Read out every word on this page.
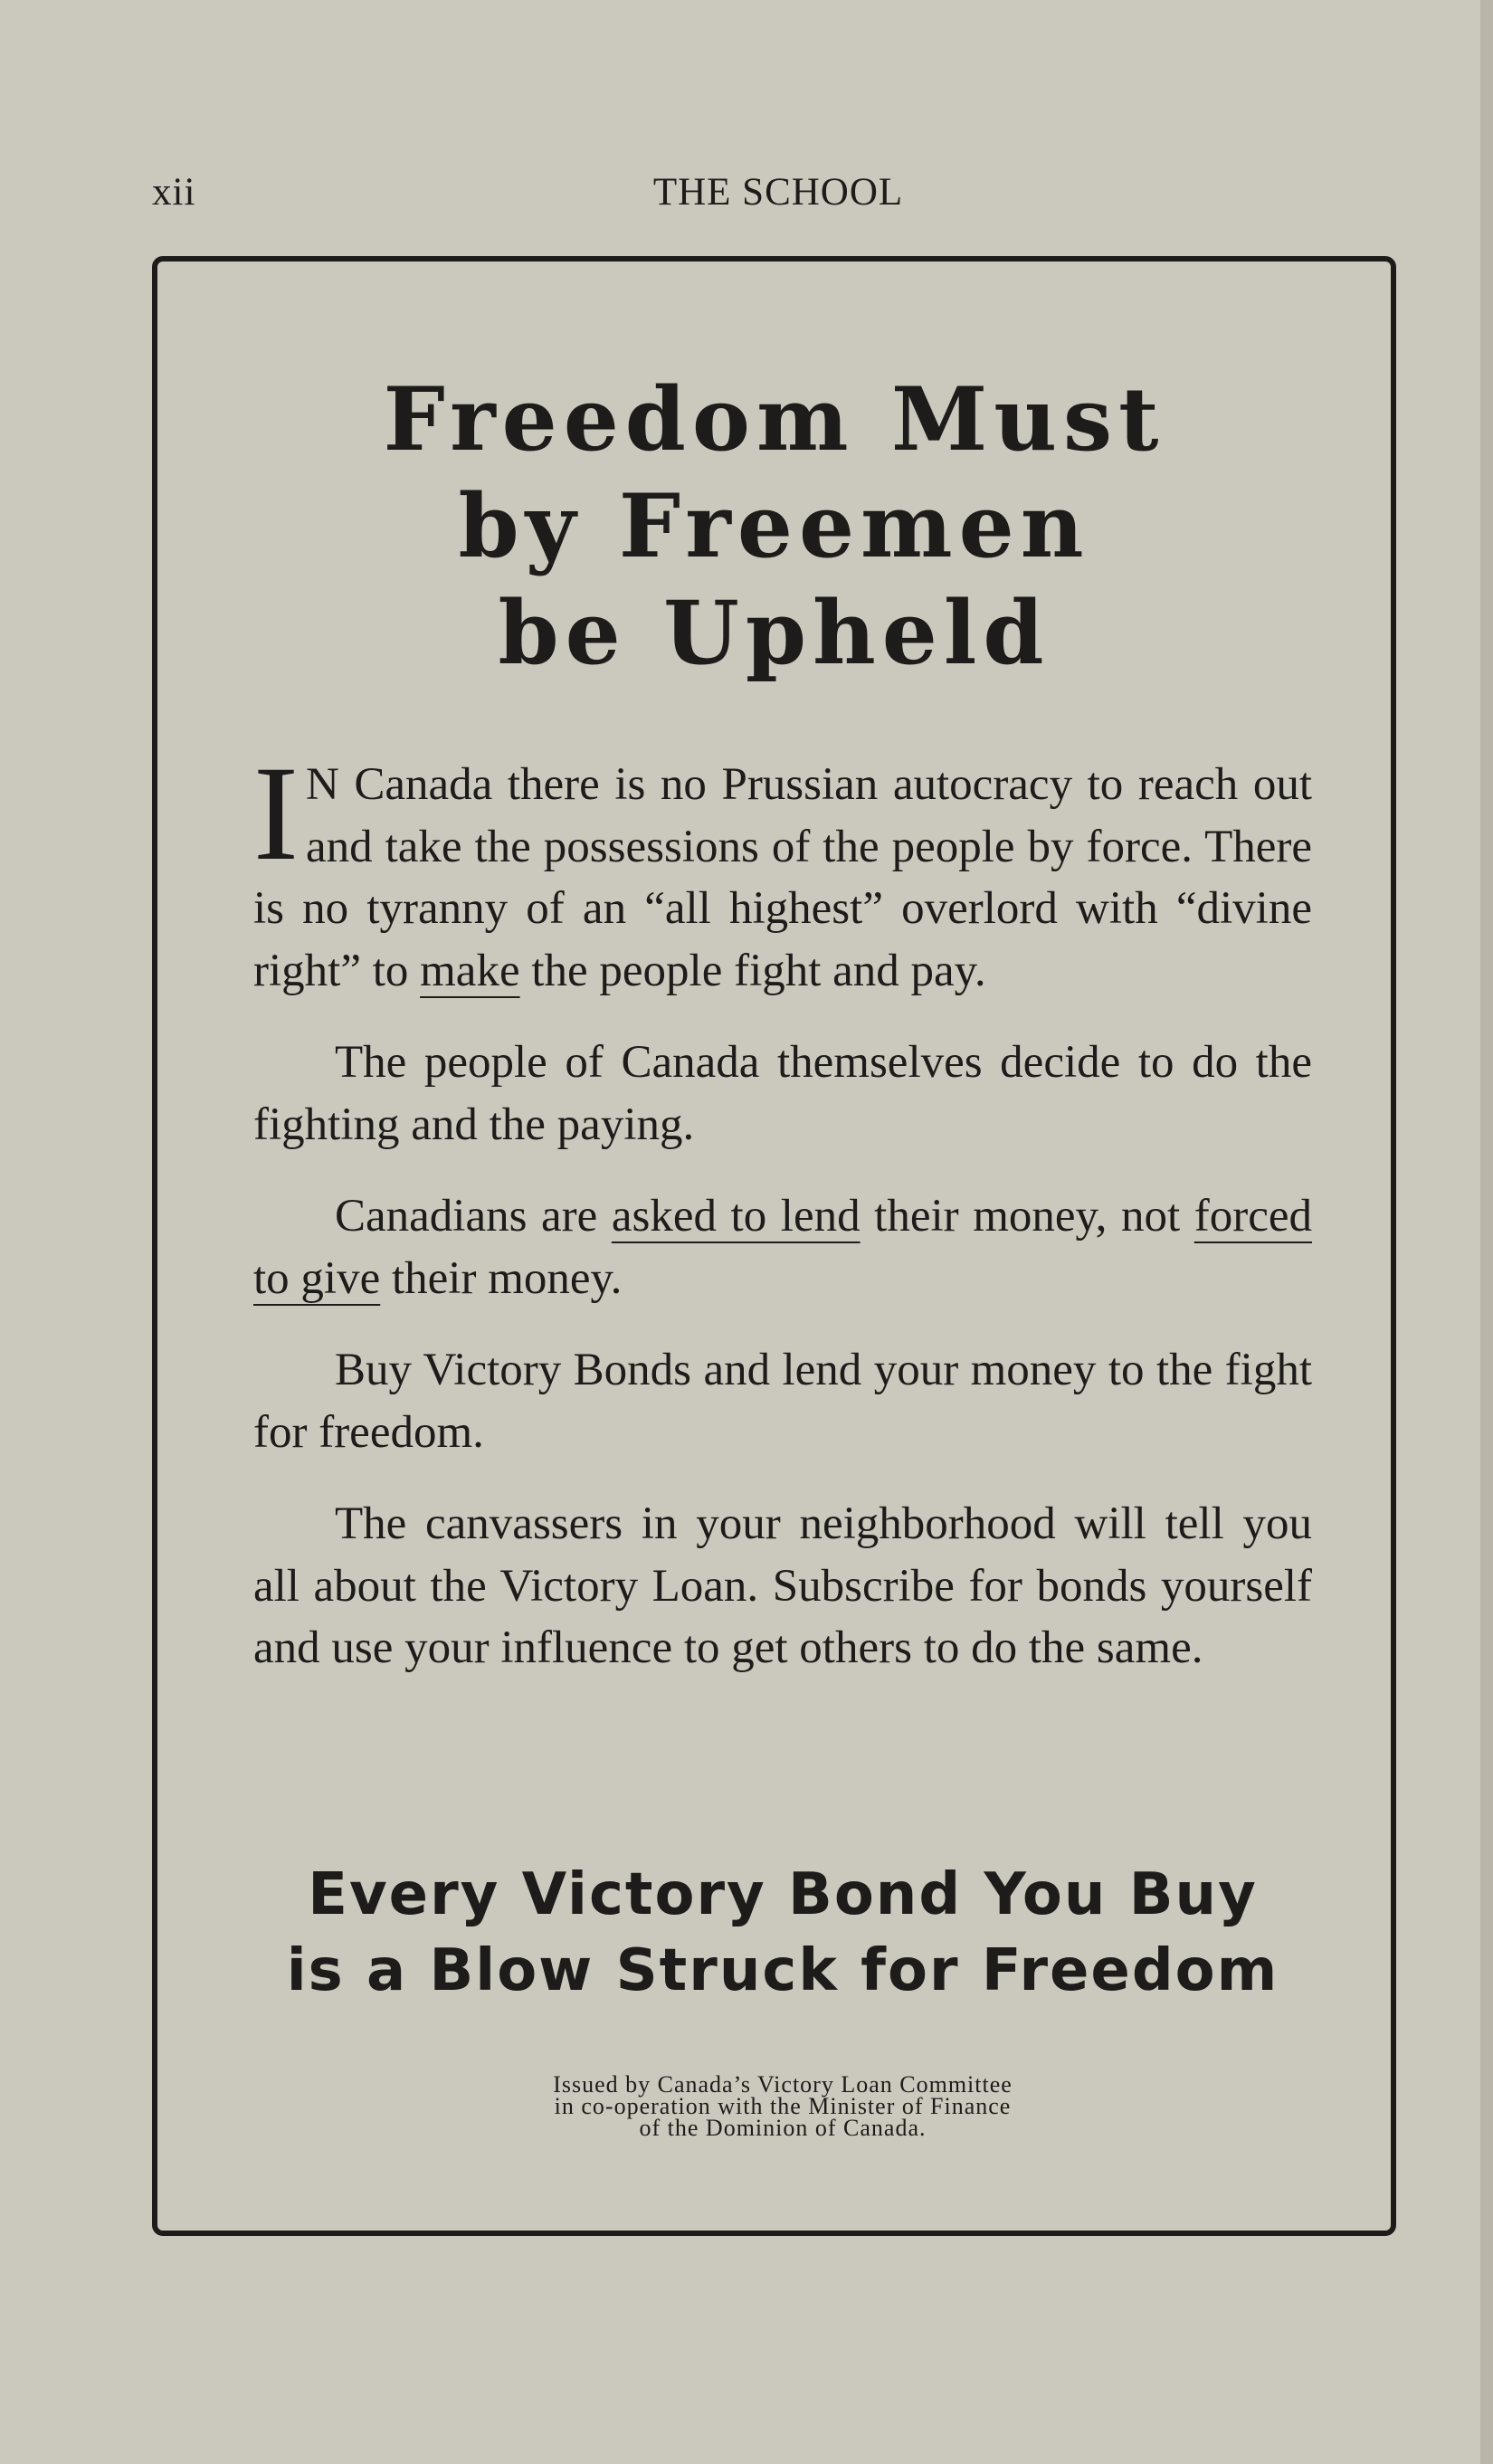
xii	THE SCHOOL
Freedom Must
by Freemen
be Upheld

I N Canada there is no Prussian autocracy to reach out and take the possessions of the people by force. There is no tyranny of an “all highest” overlord with “divine right” to make the people fight and pay.

The people of Canada themselves decide to do the fighting and the paying.

Canadians are asked to lend their money, not forced to give their money.

Buy Victory Bonds and lend your money to the fight for freedom.

The canvassers in your neighborhood will tell you all about the Victory Loan. Subscribe for bonds yourself and use your influence to get others to do the same.

Every Victory Bond You Buy
is a Blow Struck for Freedom
Issued by Canada’s Victory Loan Committee
in co-operation with the Minister of Finance
of the Dominion of Canada.
